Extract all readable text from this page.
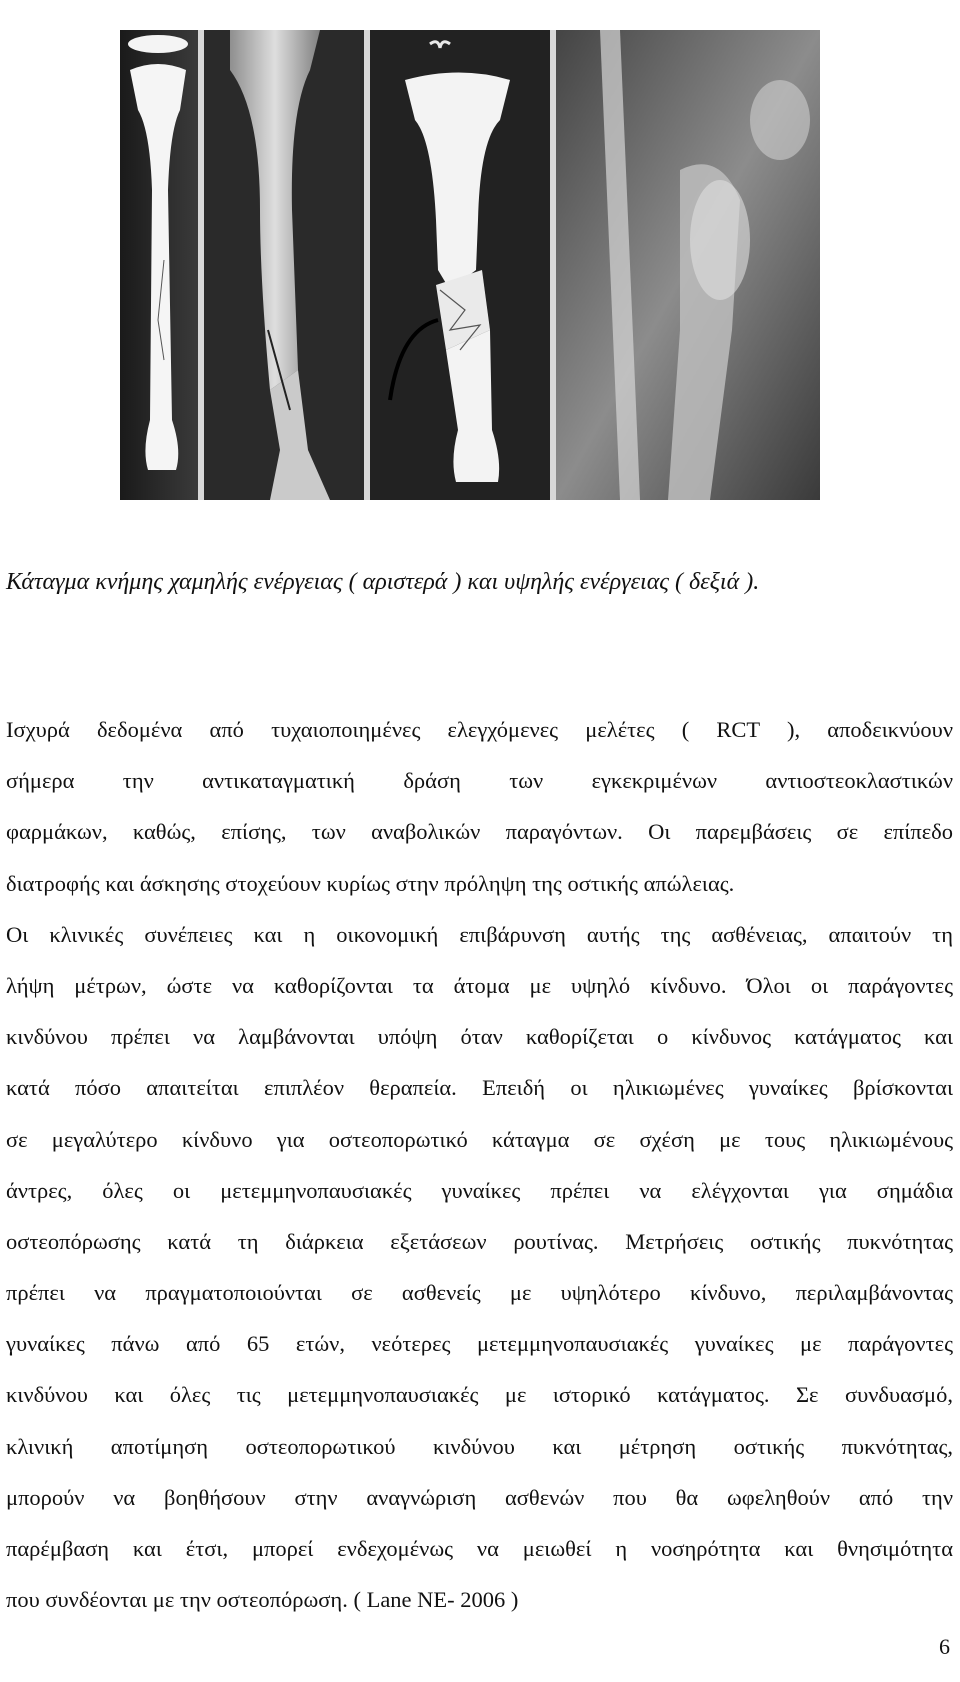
Κάταγμα κνήμης χαμηλής ενέργειας ( αριστερά ) και υψηλής ενέργειας ( δεξιά ).
Ισχυρά δεδομένα από τυχαιοποιημένες ελεγχόμενες μελέτες ( RCT ), αποδεικνύουν
σήμερα την αντικαταγματική δράση των εγκεκριμένων αντιοστεοκλαστικών
φαρμάκων, καθώς, επίσης, των αναβολικών παραγόντων. Οι παρεμβάσεις σε επίπεδο
διατροφής και άσκησης στοχεύουν κυρίως στην πρόληψη της οστικής απώλειας.
Οι κλινικές συνέπειες και η οικονομική επιβάρυνση αυτής της ασθένειας, απαιτούν τη
λήψη μέτρων, ώστε να καθορίζονται τα άτομα με υψηλό κίνδυνο. Όλοι οι παράγοντες
κινδύνου πρέπει να λαμβάνονται υπόψη όταν καθορίζεται ο κίνδυνος κατάγματος και
κατά πόσο απαιτείται επιπλέον θεραπεία. Επειδή οι ηλικιωμένες γυναίκες βρίσκονται
σε μεγαλύτερο κίνδυνο για οστεοπορωτικό κάταγμα σε σχέση με τους ηλικιωμένους
άντρες, όλες οι μετεμμηνοπαυσιακές γυναίκες πρέπει να ελέγχονται για σημάδια
οστεοπόρωσης κατά τη διάρκεια εξετάσεων ρουτίνας. Μετρήσεις οστικής πυκνότητας
πρέπει να πραγματοποιούνται σε ασθενείς με υψηλότερο κίνδυνο, περιλαμβάνοντας
γυναίκες πάνω από 65 ετών, νεότερες μετεμμηνοπαυσιακές γυναίκες με παράγοντες
κινδύνου και όλες τις μετεμμηνοπαυσιακές με ιστορικό κατάγματος. Σε συνδυασμό,
κλινική αποτίμηση οστεοπορωτικού κινδύνου και μέτρηση οστικής πυκνότητας,
μπορούν να βοηθήσουν στην αναγνώριση ασθενών που θα ωφεληθούν από την
παρέμβαση και έτσι, μπορεί ενδεχομένως να μειωθεί η νοσηρότητα και θνησιμότητα
που συνδέονται με την οστεοπόρωση. ( Lane NE- 2006 )
6
